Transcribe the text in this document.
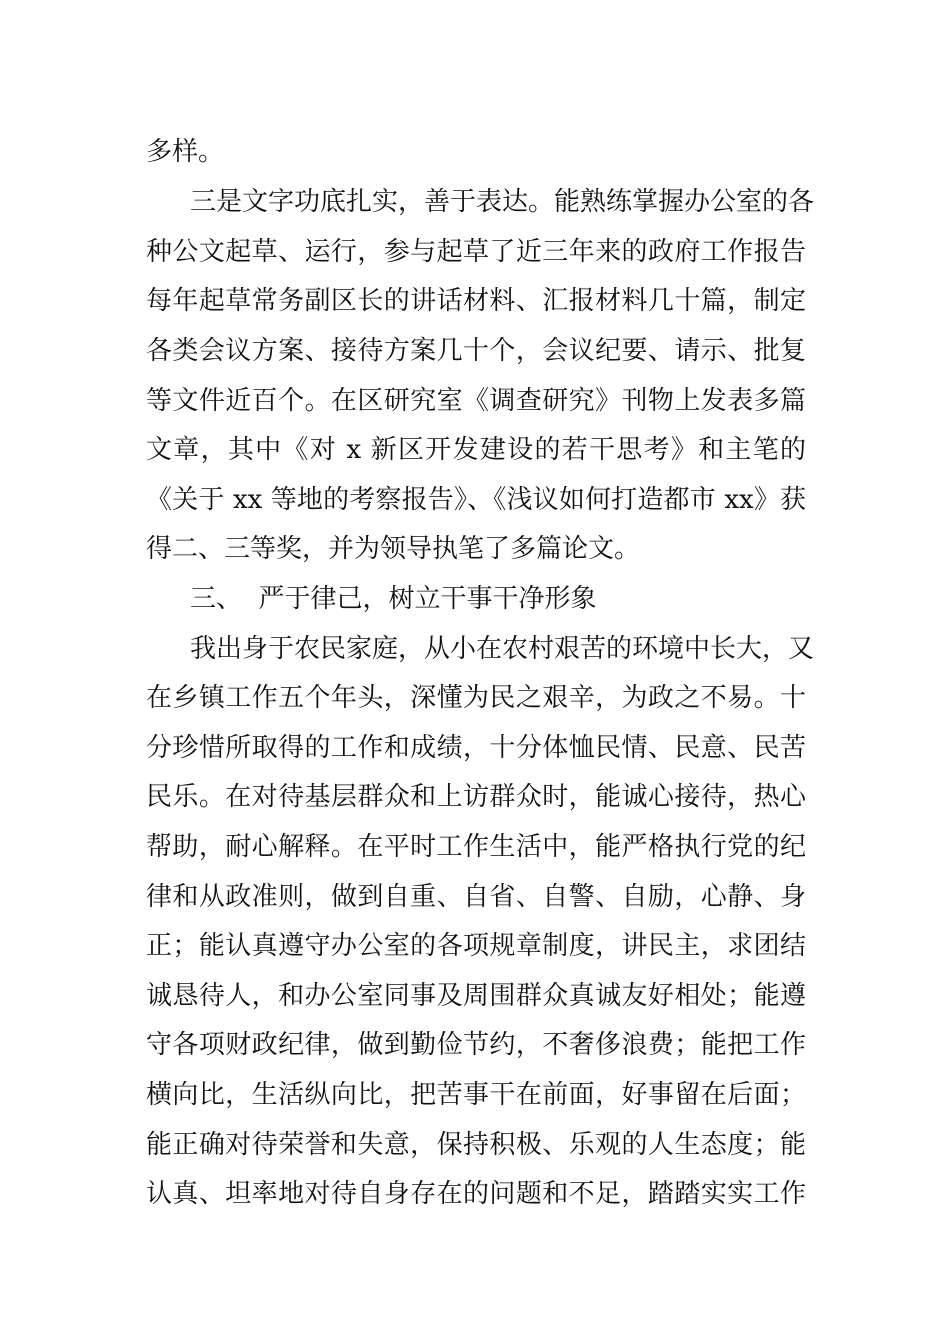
多样。
三是文字功底扎实，善于表达。能熟练掌握办公室的各
种公文起草、运行，参与起草了近三年来的政府工作报告
每年起草常务副区长的讲话材料、汇报材料几十篇，制定
各类会议方案、接待方案几十个，会议纪要、请示、批复
等文件近百个。在区研究室《调查研究》刊物上发表多篇
文章，其中《对 x 新区开发建设的若干思考》和主笔的
《关于 xx 等地的考察报告》、《浅议如何打造都市 xx》获
得二、三等奖，并为领导执笔了多篇论文。
三、  严于律己，树立干事干净形象
我出身于农民家庭，从小在农村艰苦的环境中长大，又
在乡镇工作五个年头，深懂为民之艰辛，为政之不易。十
分珍惜所取得的工作和成绩，十分体恤民情、民意、民苦
民乐。在对待基层群众和上访群众时，能诚心接待，热心
帮助，耐心解释。在平时工作生活中，能严格执行党的纪
律和从政准则，做到自重、自省、自警、自励，心静、身
正；能认真遵守办公室的各项规章制度，讲民主，求团结
诚恳待人，和办公室同事及周围群众真诚友好相处；能遵
守各项财政纪律，做到勤俭节约，不奢侈浪费；能把工作
横向比，生活纵向比，把苦事干在前面，好事留在后面；
能正确对待荣誉和失意，保持积极、乐观的人生态度；能
认真、坦率地对待自身存在的问题和不足，踏踏实实工作
